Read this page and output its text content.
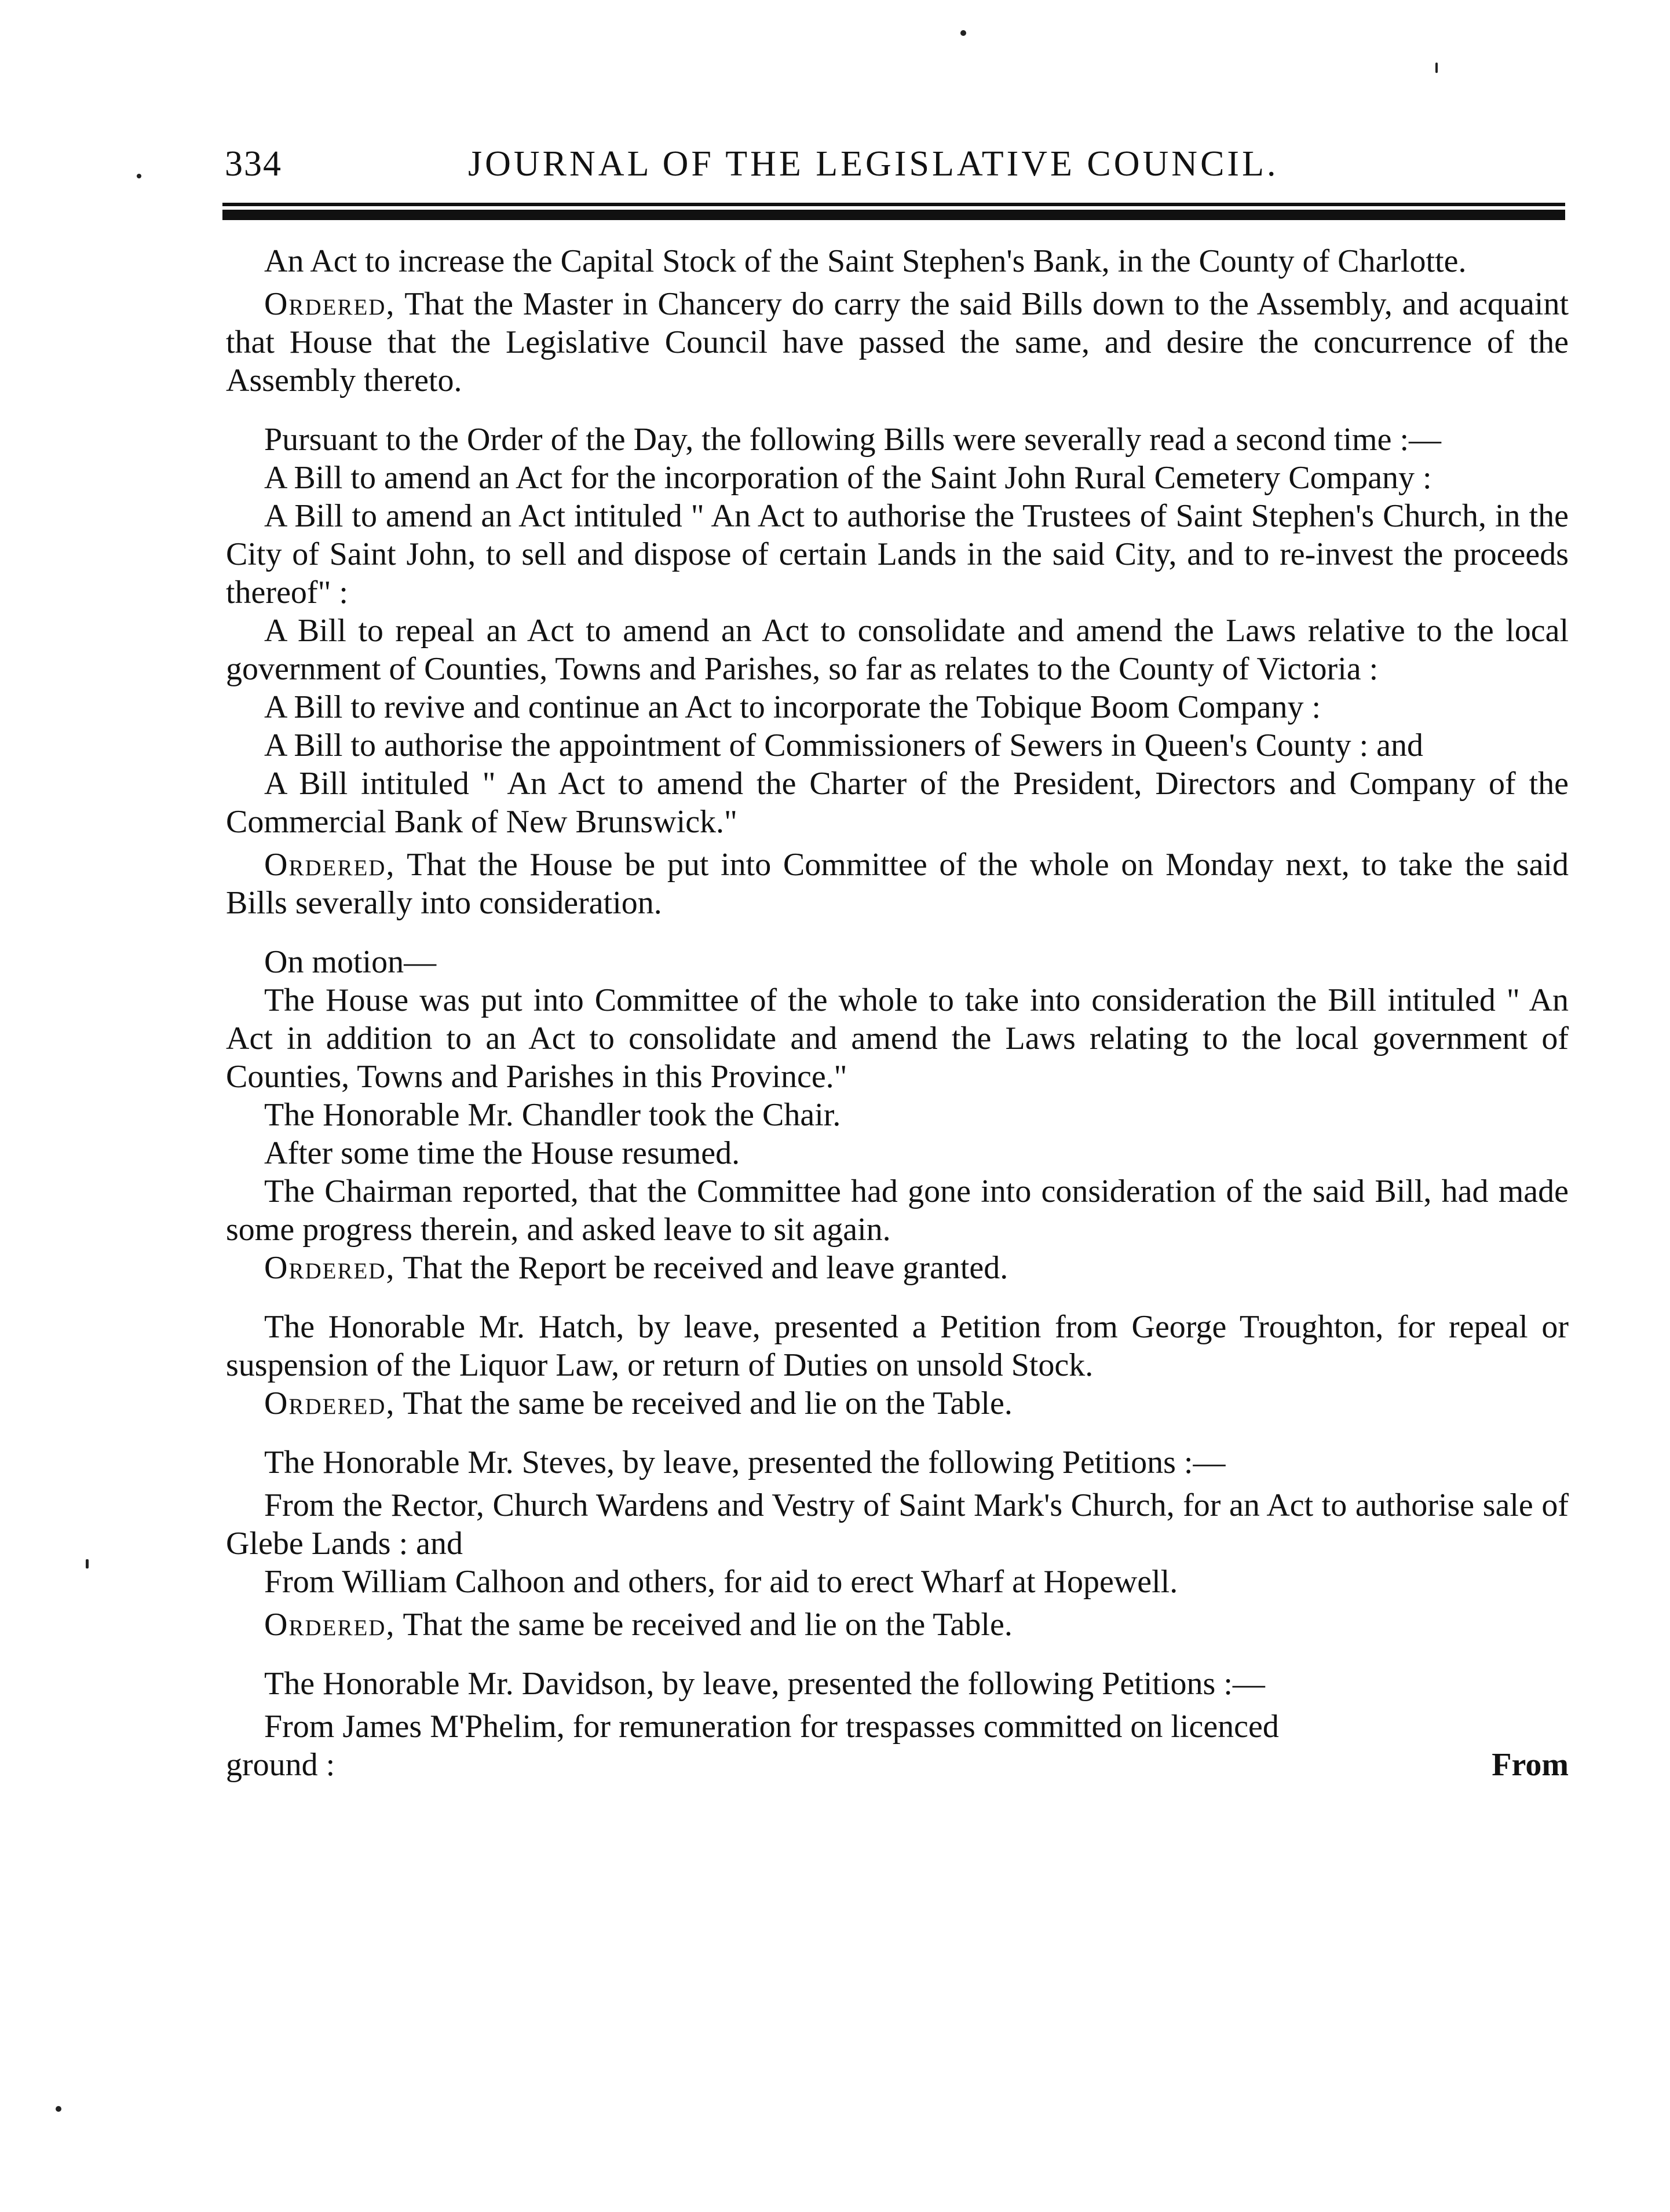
334	JOURNAL OF THE LEGISLATIVE COUNCIL.

An Act to increase the Capital Stock of the Saint Stephen's Bank, in the County of Charlotte.

Ordered, That the Master in Chancery do carry the said Bills down to the Assembly, and acquaint that House that the Legislative Council have passed the same, and desire the concurrence of the Assembly thereto.

Pursuant to the Order of the Day, the following Bills were severally read a second time :—

A Bill to amend an Act for the incorporation of the Saint John Rural Cemetery Company :

A Bill to amend an Act intituled " An Act to authorise the Trustees of Saint Stephen's Church, in the City of Saint John, to sell and dispose of certain Lands in the said City, and to re-invest the proceeds thereof" :

A Bill to repeal an Act to amend an Act to consolidate and amend the Laws relative to the local government of Counties, Towns and Parishes, so far as relates to the County of Victoria :

A Bill to revive and continue an Act to incorporate the Tobique Boom Company :

A Bill to authorise the appointment of Commissioners of Sewers in Queen's County : and

A Bill intituled " An Act to amend the Charter of the President, Directors and Company of the Commercial Bank of New Brunswick."

Ordered, That the House be put into Committee of the whole on Monday next, to take the said Bills severally into consideration.

On motion—

The House was put into Committee of the whole to take into consideration the Bill intituled " An Act in addition to an Act to consolidate and amend the Laws relating to the local government of Counties, Towns and Parishes in this Province."

The Honorable Mr. Chandler took the Chair.

After some time the House resumed.

The Chairman reported, that the Committee had gone into consideration of the said Bill, had made some progress therein, and asked leave to sit again.

Ordered, That the Report be received and leave granted.

The Honorable Mr. Hatch, by leave, presented a Petition from George Troughton, for repeal or suspension of the Liquor Law, or return of Duties on unsold Stock.

Ordered, That the same be received and lie on the Table.

The Honorable Mr. Steves, by leave, presented the following Petitions :—

From the Rector, Church Wardens and Vestry of Saint Mark's Church, for an Act to authorise sale of Glebe Lands : and

From William Calhoon and others, for aid to erect Wharf at Hopewell.

Ordered, That the same be received and lie on the Table.

The Honorable Mr. Davidson, by leave, presented the following Petitions :—

From James M'Phelim, for remuneration for trespasses committed on licenced

ground :	From
